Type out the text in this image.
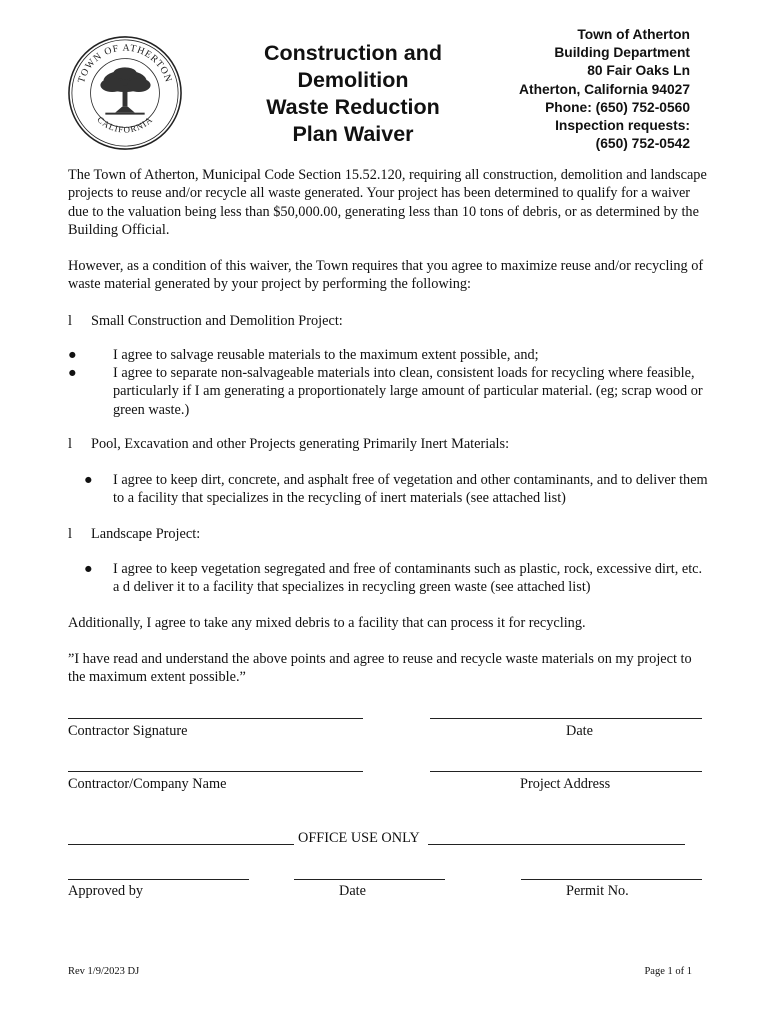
TOWN OF ATHERTON
CALIFORNIA
Construction and
Demolition
Waste Reduction
Plan Waiver
Town of Atherton
Building Department
80 Fair Oaks Ln
Atherton, California 94027
Phone: (650) 752-0560
Inspection requests:
(650) 752-0542
The Town of Atherton, Municipal Code Section 15.52.120, requiring all construction, demolition and landscape projects to reuse and/or recycle all waste generated. Your project has been determined to qualify for a waiver due to the valuation being less than $50,000.00, generating less than 10 tons of debris, or as determined by the Building Official.
However, as a condition of this waiver, the Town requires that you agree to maximize reuse and/or recycling of waste material generated by your project by performing the following:
l Small Construction and Demolition Project:
●	I agree to salvage reusable materials to the maximum extent possible, and;
●	I agree to separate non-salvageable materials into clean, consistent loads for recycling where feasible, particularly if I am generating a proportionately large amount of particular material. (eg; scrap wood or green waste.)
l Pool, Excavation and other Projects generating Primarily Inert Materials:
● I agree to keep dirt, concrete, and asphalt free of vegetation and other contaminants, and to deliver them to a facility that specializes in the recycling of inert materials (see attached list)
l Landscape Project:
● I agree to keep vegetation segregated and free of contaminants such as plastic, rock, excessive dirt, etc. a d deliver it to a facility that specializes in recycling green waste (see attached list)
Additionally, I agree to take any mixed debris to a facility that can process it for recycling.
”I have read and understand the above points and agree to reuse and recycle waste materials on my project to the maximum extent possible.”
Contractor Signature	Date
Contractor/Company Name	Project Address
OFFICE USE ONLY
Approved by	Date	Permit No.
Rev 1/9/2023 DJ	Page 1 of 1
